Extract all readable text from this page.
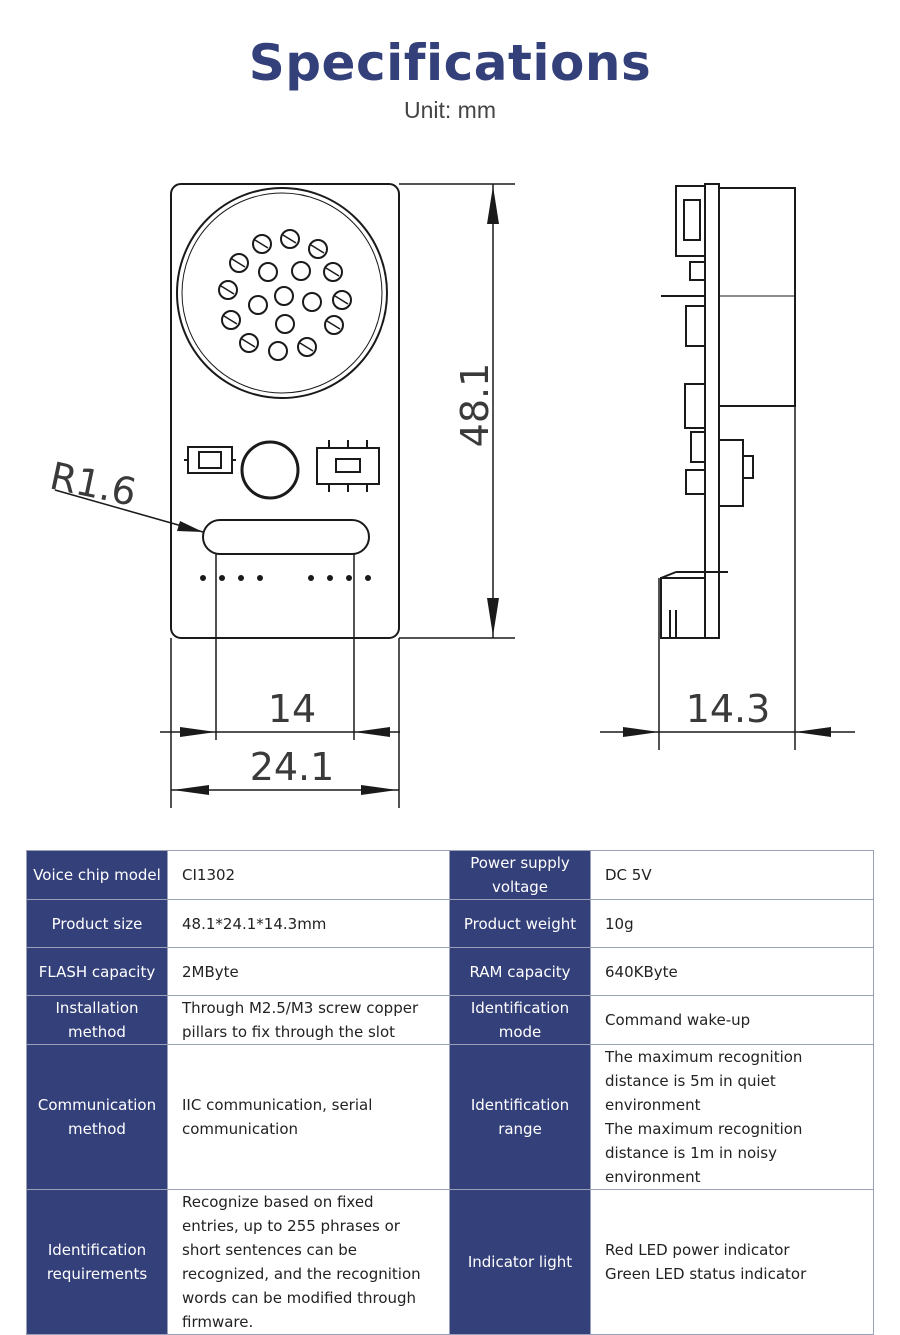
Specifications
Unit: mm
R1.6
48.1
14
24.1
14.3
Voice chip model	CI1302	Power supply voltage	DC 5V

Product size	48.1*24.1*14.3mm	Product weight	10g

FLASH capacity	2MByte	RAM capacity	640KByte

Installation method	Through M2.5/M3 screw copper pillars to fix through the slot	Identification mode	Command wake-up

Communication method	IIC communication, serial communication	Identification range	The maximum recognition distance is 5m in quiet environment
The maximum recognition distance is 1m in noisy environment

Identification requirements	Recognize based on fixed entries, up to 255 phrases or short sentences can be recognized, and the recognition words can be modified through firmware.	Indicator light	Red LED power indicator
Green LED status indicator
